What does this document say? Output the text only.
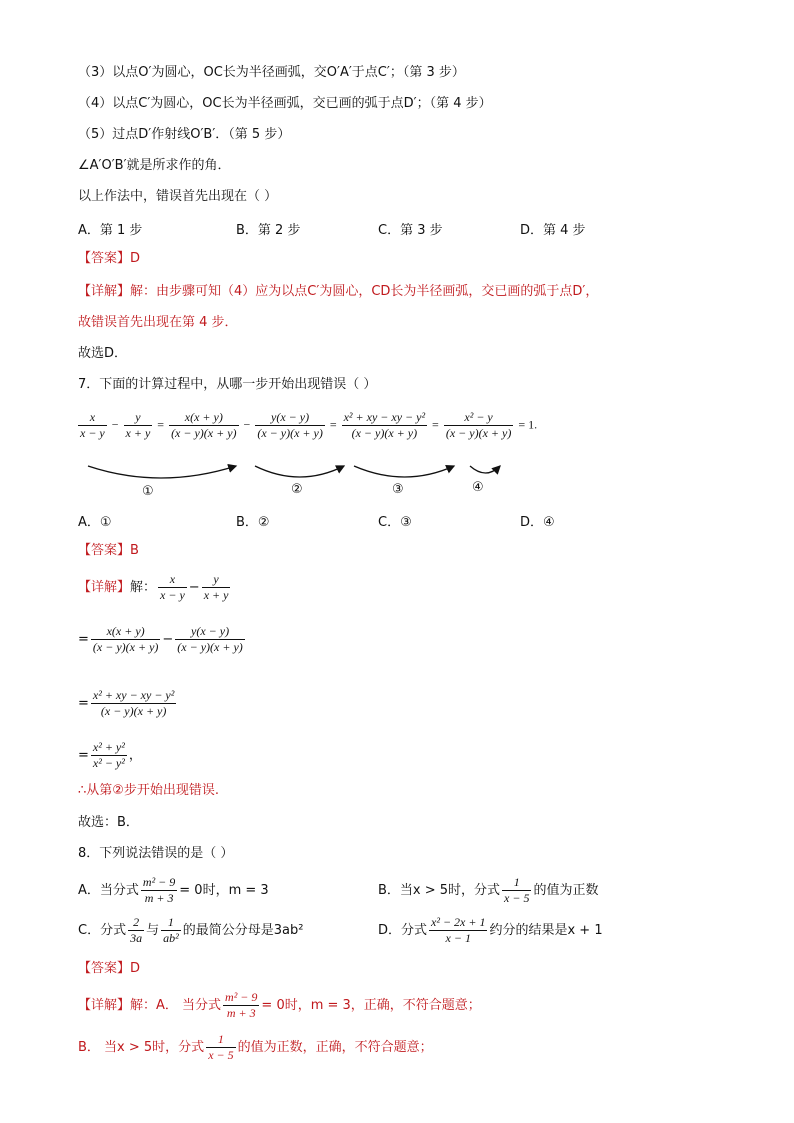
（3）以点O′为圆心，OC长为半径画弧，交O′A′于点C′；（第 3 步）
（4）以点C′为圆心，OC长为半径画弧，交已画的弧于点D′；（第 4 步）
（5）过点D′作射线O′B′．（第 5 步）
∠A′O′B′就是所求作的角．
以上作法中，错误首先出现在（ ）
A．第 1 步	B．第 2 步	C．第 3 步	D．第 4 步
【答案】D
【详解】解：由步骤可知（4）应为以点C′为圆心，CD长为半径画弧，交已画的弧于点D′，
故错误首先出现在第 4 步．
故选D．
7．下面的计算过程中，从哪一步开始出现错误（ ）
$\frac{x}{x - y} - \frac{y}{x + y} = \frac{x(x + y)}{(x - y)(x + y)} - \frac{y(x - y)}{(x - y)(x + y)} = \frac{\text{x² + xy − xy − y²}}{(x - y)(x + y)} = \frac{\text{x² − y}}{(x - y)(x + y)} = 1$.
①	②	③	④
A．①	B．②	C．③	D．④
【答案】B
【详解】解： $\frac{x}{x - y} - \frac{y}{x + y}$
= $\frac{x(x + y)}{(x - y)(x + y)} - \frac{y(x - y)}{(x - y)(x + y)}$
= $\frac{\text{x² + xy − xy − y²}}{(x - y)(x + y)}$
= $\frac{\text{x² + y²}}{\text{x² − y²}}$ ，
∴从第②步开始出现错误.
故选：B．
8．下列说法错误的是（ ）
A．当分式 $\frac{\text{m² − 9}}{m + 3} = 0$时，m = 3	B．当x > 5时，分式 $\frac{1}{x - 5}$ 的值为正数
C．分式 $\frac{2}{3a}$ 与 $\frac{1}{\text{ab²}}$ 的最简公分母是3ab²	D．分式 $\frac{\text{x² − 2x + 1}}{x - 1}$ 约分的结果是x + 1
【答案】D
【详解】解：A． 当分式 $\frac{\text{m² − 9}}{m + 3} = 0$时，m = 3，正确，不符合题意；
B． 当x > 5时，分式 $\frac{1}{x - 5}$ 的值为正数，正确，不符合题意；
